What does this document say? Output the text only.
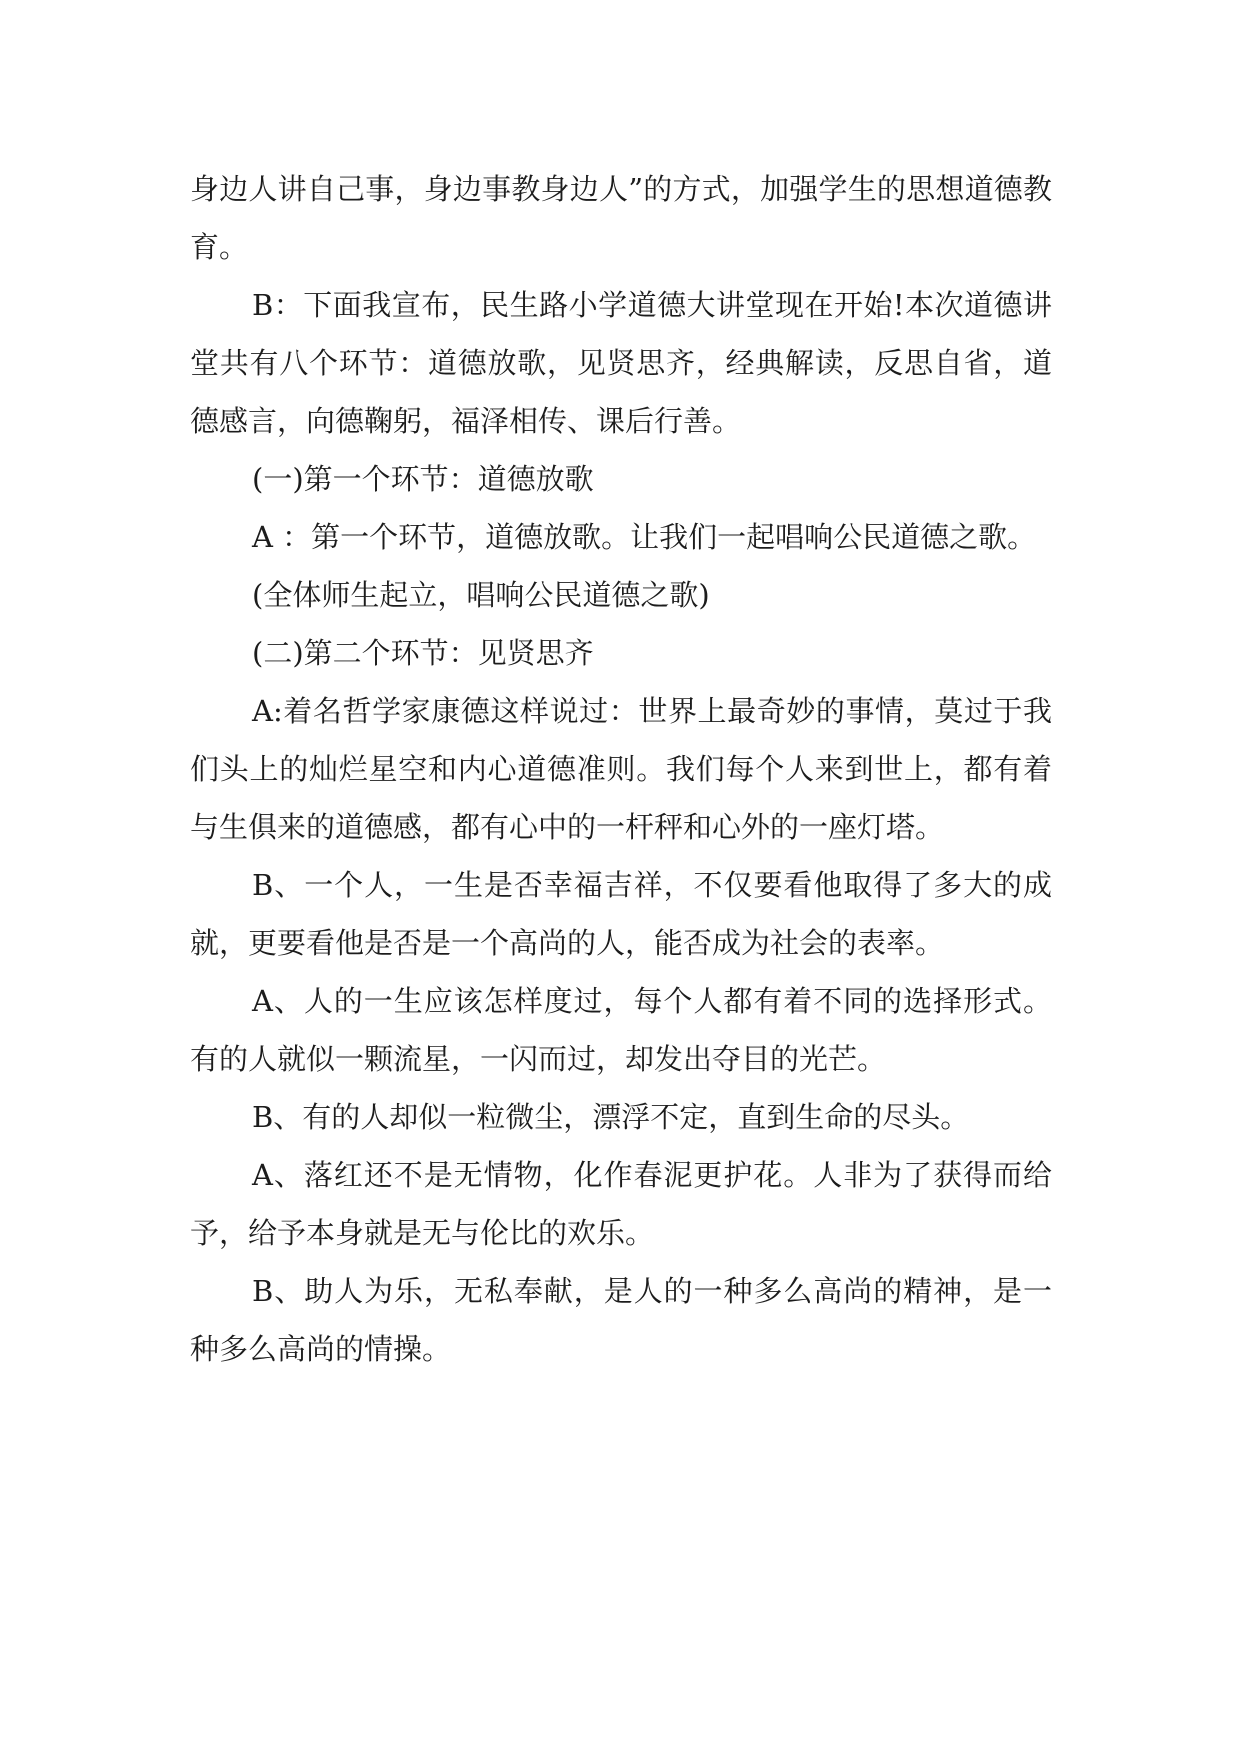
身边人讲自己事，身边事教身边人”的方式，加强学生的思想道德教育。

B：下面我宣布，民生路小学道德大讲堂现在开始!本次道德讲堂共有八个环节：道德放歌，见贤思齐，经典解读，反思自省，道德感言，向德鞠躬，福泽相传、课后行善。

(一)第一个环节：道德放歌

A ：第一个环节，道德放歌。让我们一起唱响公民道德之歌。

(全体师生起立，唱响公民道德之歌)

(二)第二个环节：见贤思齐

A:着名哲学家康德这样说过：世界上最奇妙的事情，莫过于我们头上的灿烂星空和内心道德准则。我们每个人来到世上，都有着与生俱来的道德感，都有心中的一杆秤和心外的一座灯塔。

B、一个人，一生是否幸福吉祥，不仅要看他取得了多大的成就，更要看他是否是一个高尚的人，能否成为社会的表率。

A、人的一生应该怎样度过，每个人都有着不同的选择形式。有的人就似一颗流星，一闪而过，却发出夺目的光芒。

B、有的人却似一粒微尘，漂浮不定，直到生命的尽头。

A、落红还不是无情物，化作春泥更护花。人非为了获得而给予，给予本身就是无与伦比的欢乐。

B、助人为乐，无私奉献，是人的一种多么高尚的精神，是一种多么高尚的情操。
